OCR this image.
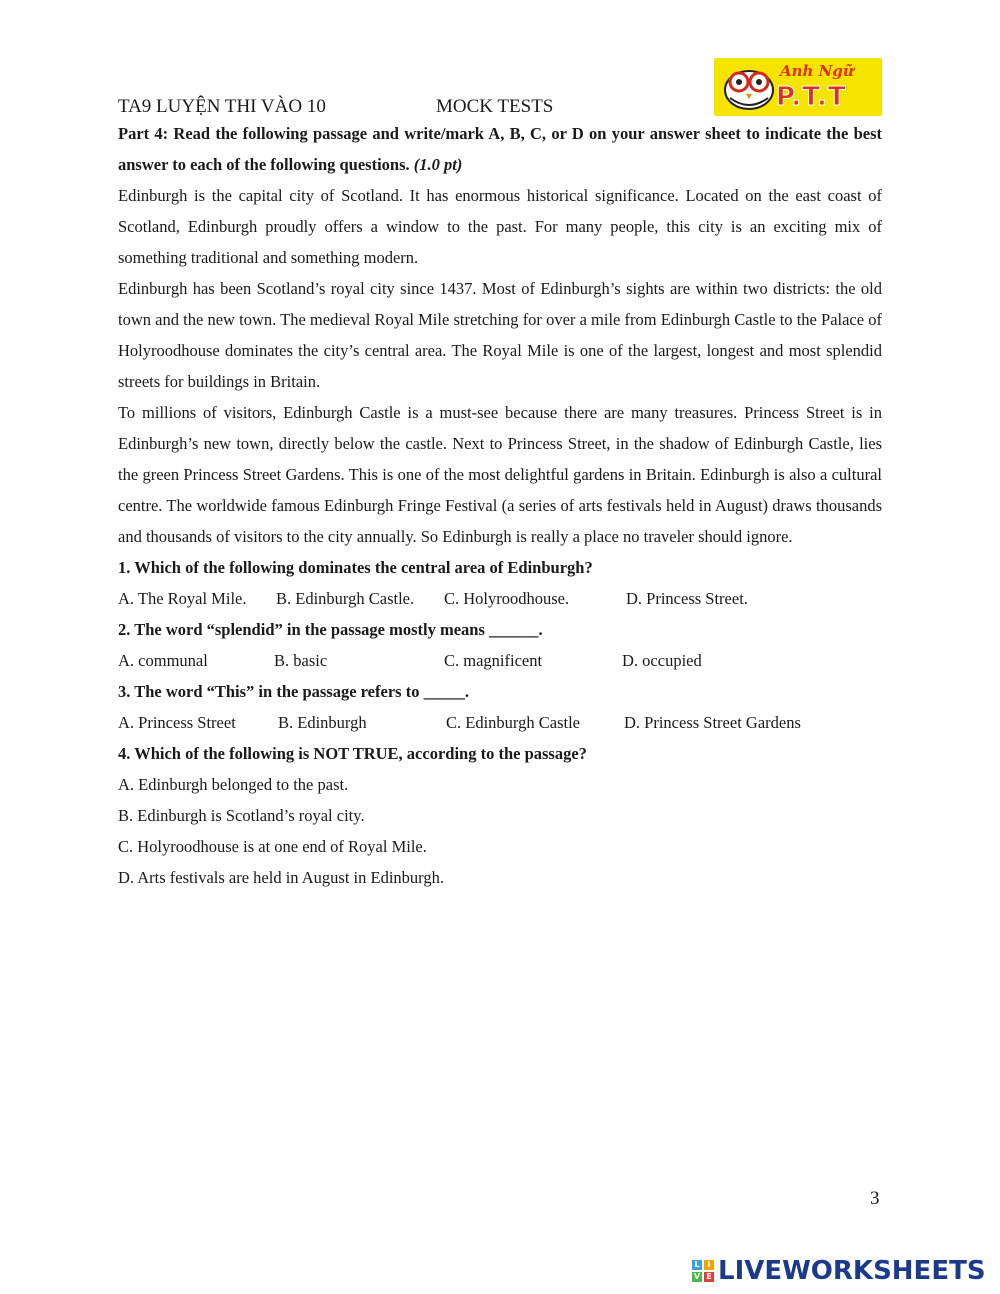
TA9 LUYỆN THI VÀO 10	MOCK TESTS
Anh Ngữ
P.T.T

Part 4: Read the following passage and write/mark A, B, C, or D on your answer sheet to indicate the best answer to each of the following questions. (1.0 pt)

Edinburgh is the capital city of Scotland. It has enormous historical significance. Located on the east coast of Scotland, Edinburgh proudly offers a window to the past. For many people, this city is an exciting mix of something traditional and something modern.

Edinburgh has been Scotland’s royal city since 1437. Most of Edinburgh’s sights are within two districts: the old town and the new town. The medieval Royal Mile stretching for over a mile from Edinburgh Castle to the Palace of Holyroodhouse dominates the city’s central area. The Royal Mile is one of the largest, longest and most splendid streets for buildings in Britain.

To millions of visitors, Edinburgh Castle is a must-see because there are many treasures. Princess Street is in Edinburgh’s new town, directly below the castle. Next to Princess Street, in the shadow of Edinburgh Castle, lies the green Princess Street Gardens. This is one of the most delightful gardens in Britain. Edinburgh is also a cultural centre. The worldwide famous Edinburgh Fringe Festival (a series of arts festivals held in August) draws thousands and thousands of visitors to the city annually. So Edinburgh is really a place no traveler should ignore.

1. Which of the following dominates the central area of Edinburgh?

A. The Royal Mile.	B. Edinburgh Castle.	C. Holyroodhouse.	D. Princess Street.

2. The word “splendid” in the passage mostly means ______.

A. communal	B. basic	C. magnificent	D. occupied

3. The word “This” in the passage refers to _____.

A. Princess Street	B. Edinburgh	C. Edinburgh Castle	D. Princess Street Gardens

4. Which of the following is NOT TRUE, according to the passage?

A. Edinburgh belonged to the past.

B. Edinburgh is Scotland’s royal city.

C. Holyroodhouse is at one end of Royal Mile.

D. Arts festivals are held in August in Edinburgh.

3
L I
V E LIVEWORKSHEETS
